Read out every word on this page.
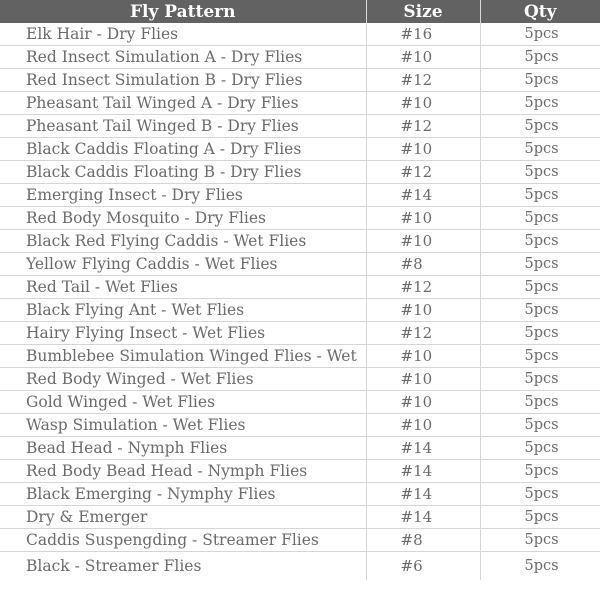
Fly Pattern	Size	Qty
Elk Hair - Dry Flies	#16	5pcs
Red Insect Simulation A - Dry Flies	#10	5pcs
Red Insect Simulation B - Dry Flies	#12	5pcs
Pheasant Tail Winged A - Dry Flies	#10	5pcs
Pheasant Tail Winged B - Dry Flies	#12	5pcs
Black Caddis Floating A - Dry Flies	#10	5pcs
Black Caddis Floating B - Dry Flies	#12	5pcs
Emerging Insect - Dry Flies	#14	5pcs
Red Body Mosquito - Dry Flies	#10	5pcs
Black Red Flying Caddis - Wet Flies	#10	5pcs
Yellow Flying Caddis - Wet Flies	#8	5pcs
Red Tail - Wet Flies	#12	5pcs
Black Flying Ant - Wet Flies	#10	5pcs
Hairy Flying Insect - Wet Flies	#12	5pcs
Bumblebee Simulation Winged Flies - Wet	#10	5pcs
Red Body Winged - Wet Flies	#10	5pcs
Gold Winged - Wet Flies	#10	5pcs
Wasp Simulation - Wet Flies	#10	5pcs
Bead Head - Nymph Flies	#14	5pcs
Red Body Bead Head - Nymph Flies	#14	5pcs
Black Emerging - Nymphy Flies	#14	5pcs
Dry & Emerger	#14	5pcs
Caddis Suspengding - Streamer Flies	#8	5pcs
Black - Streamer Flies	#6	5pcs
